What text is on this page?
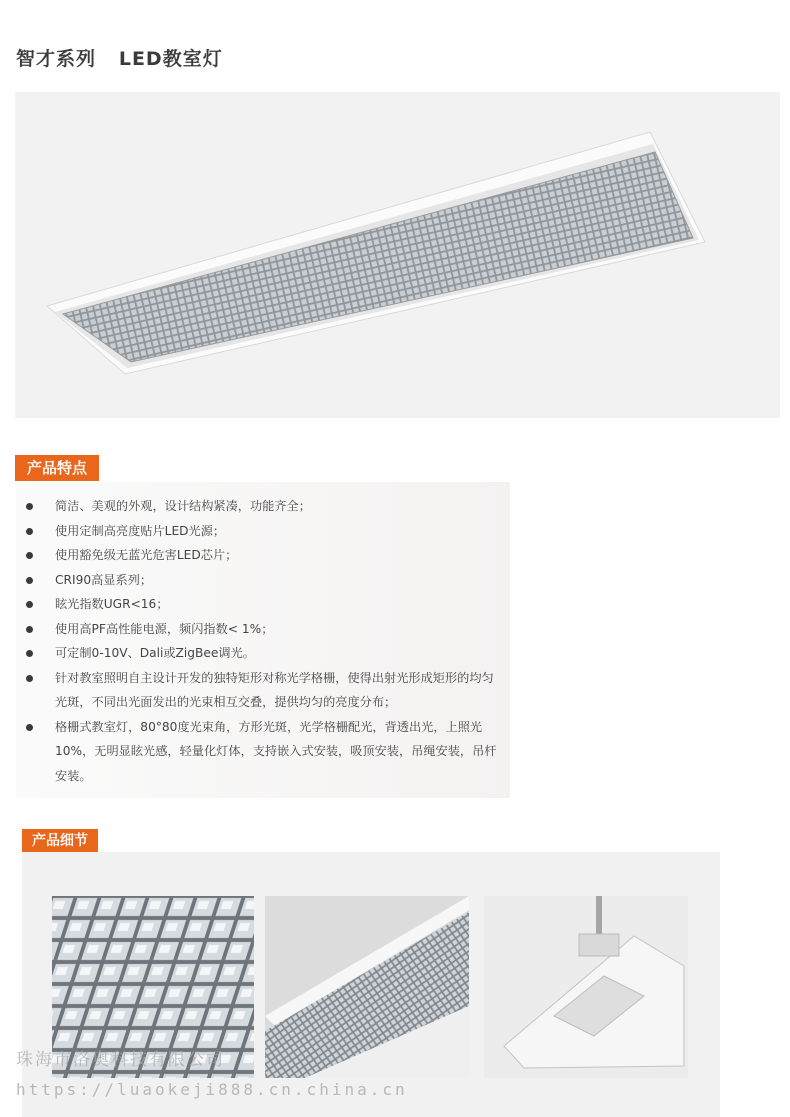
智才系列   LED教室灯
产品特点
简洁、美观的外观，设计结构紧凑，功能齐全；
使用定制高亮度贴片LED光源；
使用豁免级无蓝光危害LED芯片；
CRI90高显系列；
眩光指数UGR<16；
使用高PF高性能电源，频闪指数< 1%；
可定制0-10V、Dali或ZigBee调光。
针对教室照明自主设计开发的独特矩形对称光学格栅，使得出射光形成矩形的均匀光斑，不同出光面发出的光束相互交叠，提供均匀的亮度分布；
格栅式教室灯，80°80度光束角，方形光斑，光学格栅配光，背透出光，上照光10%，无明显眩光感，轻量化灯体，支持嵌入式安装，吸顶安装，吊绳安装，吊杆安装。
产品细节
珠海市洛奥科技有限公司
https://luaokeji888.cn.china.cn
